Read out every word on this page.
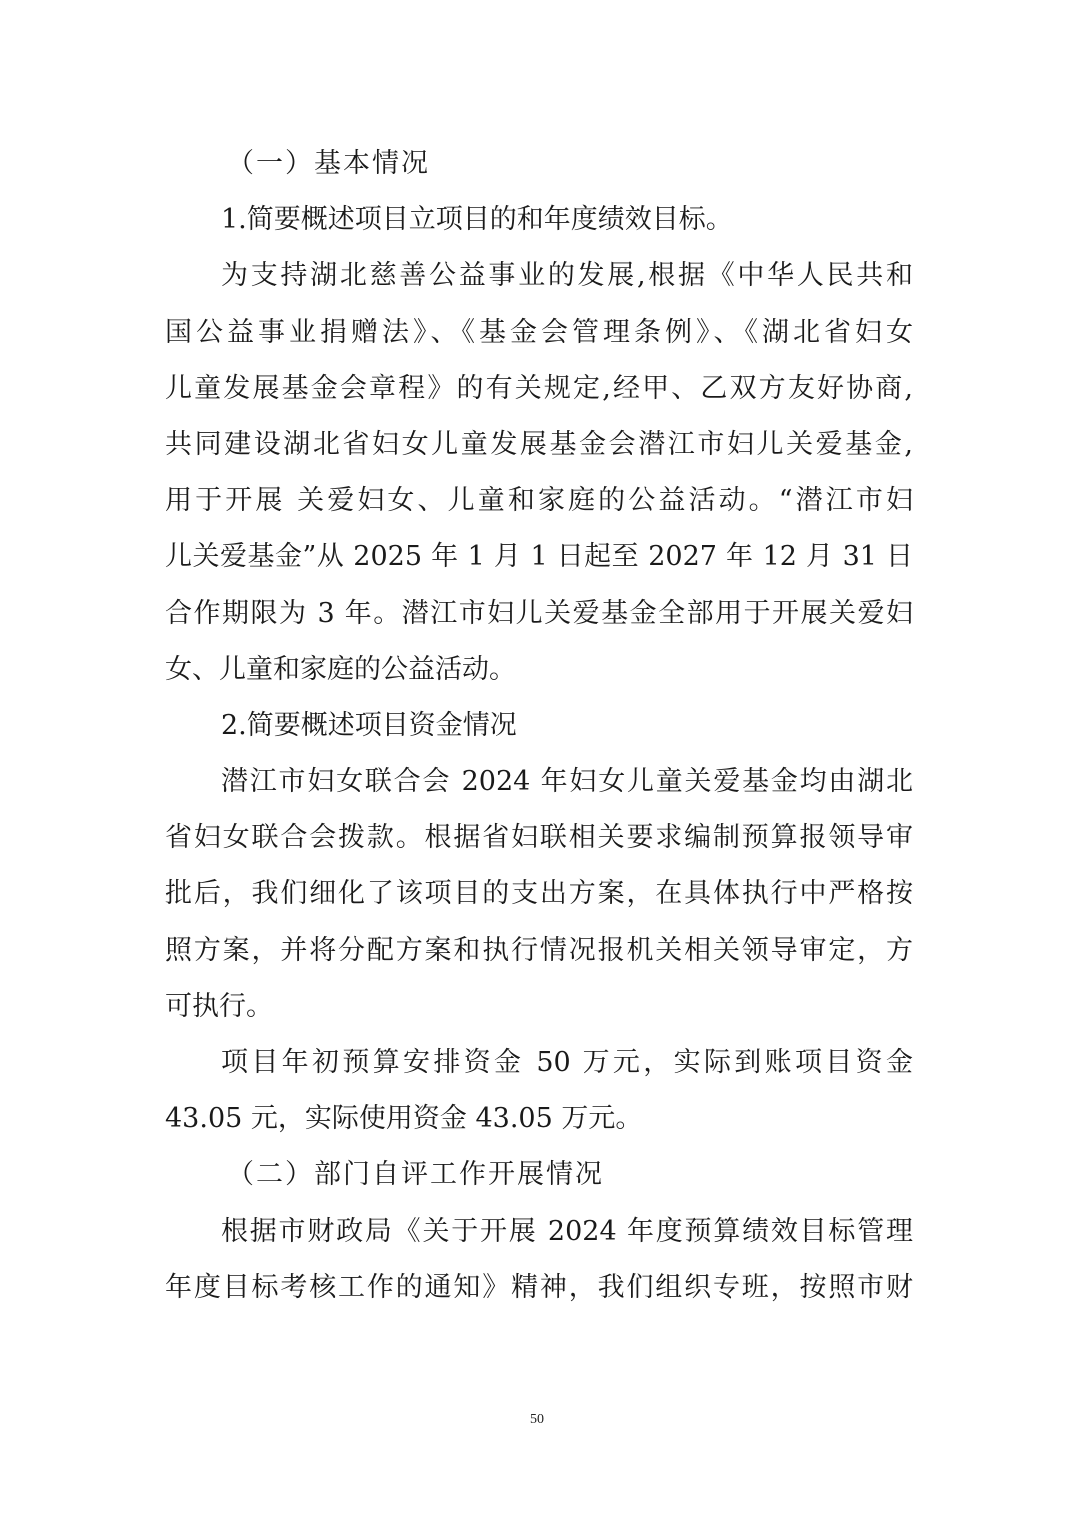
（一）基本情况
1.简要概述项目立项目的和年度绩效目标。
为支持湖北慈善公益事业的发展,根据《中华人民共和
国公益事业捐赠法》、《基金会管理条例》、《湖北省妇女
儿童发展基金会章程》的有关规定,经甲、乙双方友好协商,
共同建设湖北省妇女儿童发展基金会潜江市妇儿关爱基金,
用于开展 关爱妇女、儿童和家庭的公益活动。“潜江市妇
儿关爱基金”从 2025 年 1 月 1 日起至 2027 年 12 月 31 日
合作期限为 3 年。潜江市妇儿关爱基金全部用于开展关爱妇
女、儿童和家庭的公益活动。
2.简要概述项目资金情况
潜江市妇女联合会 2024 年妇女儿童关爱基金均由湖北
省妇女联合会拨款。根据省妇联相关要求编制预算报领导审
批后，我们细化了该项目的支出方案，在具体执行中严格按
照方案，并将分配方案和执行情况报机关相关领导审定，方
可执行。
项目年初预算安排资金 50 万元，实际到账项目资金
43.05 元，实际使用资金 43.05 万元。
（二）部门自评工作开展情况
根据市财政局《关于开展 2024 年度预算绩效目标管理
年度目标考核工作的通知》精神，我们组织专班，按照市财
50
